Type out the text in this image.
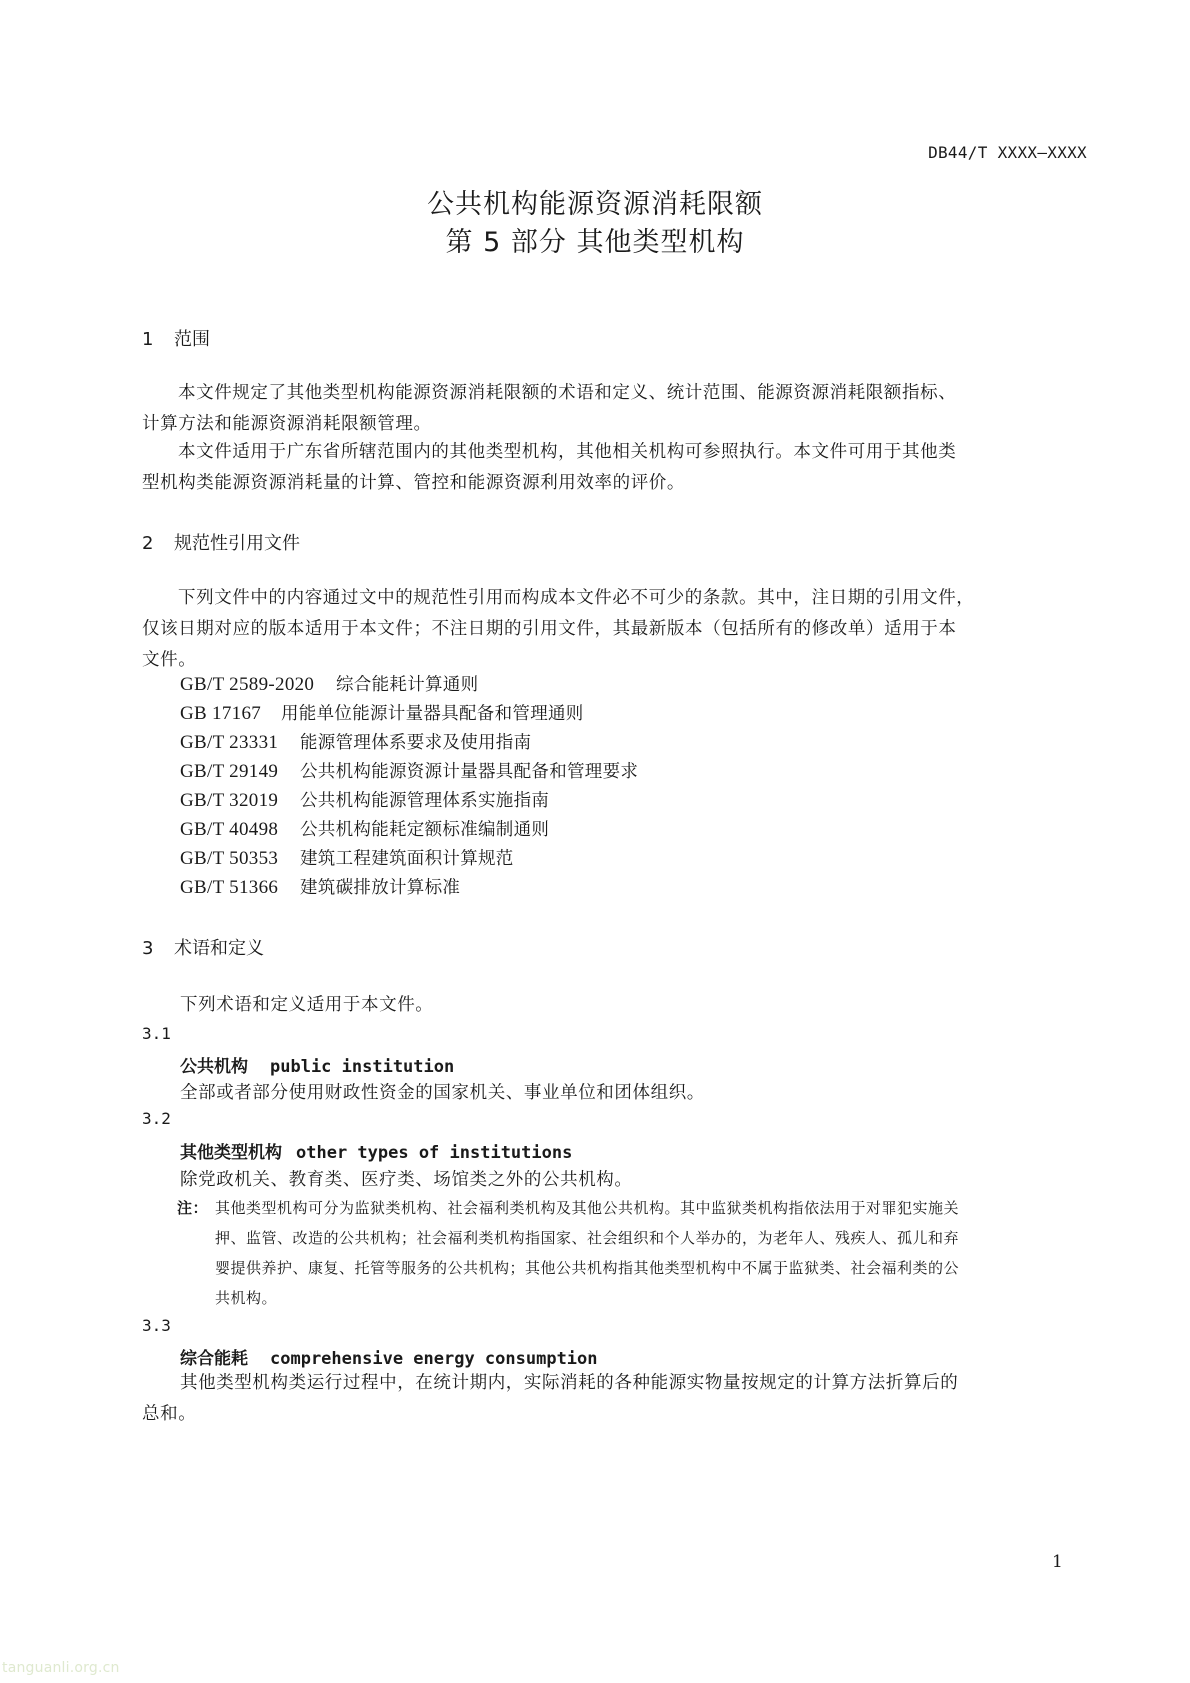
DB44/T XXXX—XXXX
公共机构能源资源消耗限额
第 5 部分 其他类型机构
1 范围
本文件规定了其他类型机构能源资源消耗限额的术语和定义、统计范围、能源资源消耗限额指标、
计算方法和能源资源消耗限额管理。
本文件适用于广东省所辖范围内的其他类型机构，其他相关机构可参照执行。本文件可用于其他类
型机构类能源资源消耗量的计算、管控和能源资源利用效率的评价。
2 规范性引用文件
下列文件中的内容通过文中的规范性引用而构成本文件必不可少的条款。其中，注日期的引用文件，
仅该日期对应的版本适用于本文件；不注日期的引用文件，其最新版本（包括所有的修改单）适用于本
文件。
GB/T 2589-2020 综合能耗计算通则
GB 17167 用能单位能源计量器具配备和管理通则
GB/T 23331 能源管理体系要求及使用指南
GB/T 29149 公共机构能源资源计量器具配备和管理要求
GB/T 32019 公共机构能源管理体系实施指南
GB/T 40498 公共机构能耗定额标准编制通则
GB/T 50353 建筑工程建筑面积计算规范
GB/T 51366 建筑碳排放计算标准
3 术语和定义
下列术语和定义适用于本文件。
3.1
公共机构 public institution
全部或者部分使用财政性资金的国家机关、事业单位和团体组织。
3.2
其他类型机构 other types of institutions
除党政机关、教育类、医疗类、场馆类之外的公共机构。
注： 其他类型机构可分为监狱类机构、社会福利类机构及其他公共机构。其中监狱类机构指依法用于对罪犯实施关
押、监管、改造的公共机构；社会福利类机构指国家、社会组织和个人举办的，为老年人、残疾人、孤儿和弃
婴提供养护、康复、托管等服务的公共机构；其他公共机构指其他类型机构中不属于监狱类、社会福利类的公
共机构。
3.3
综合能耗 comprehensive energy consumption
其他类型机构类运行过程中，在统计期内，实际消耗的各种能源实物量按规定的计算方法折算后的
总和。
1
tanguanli.org.cn
